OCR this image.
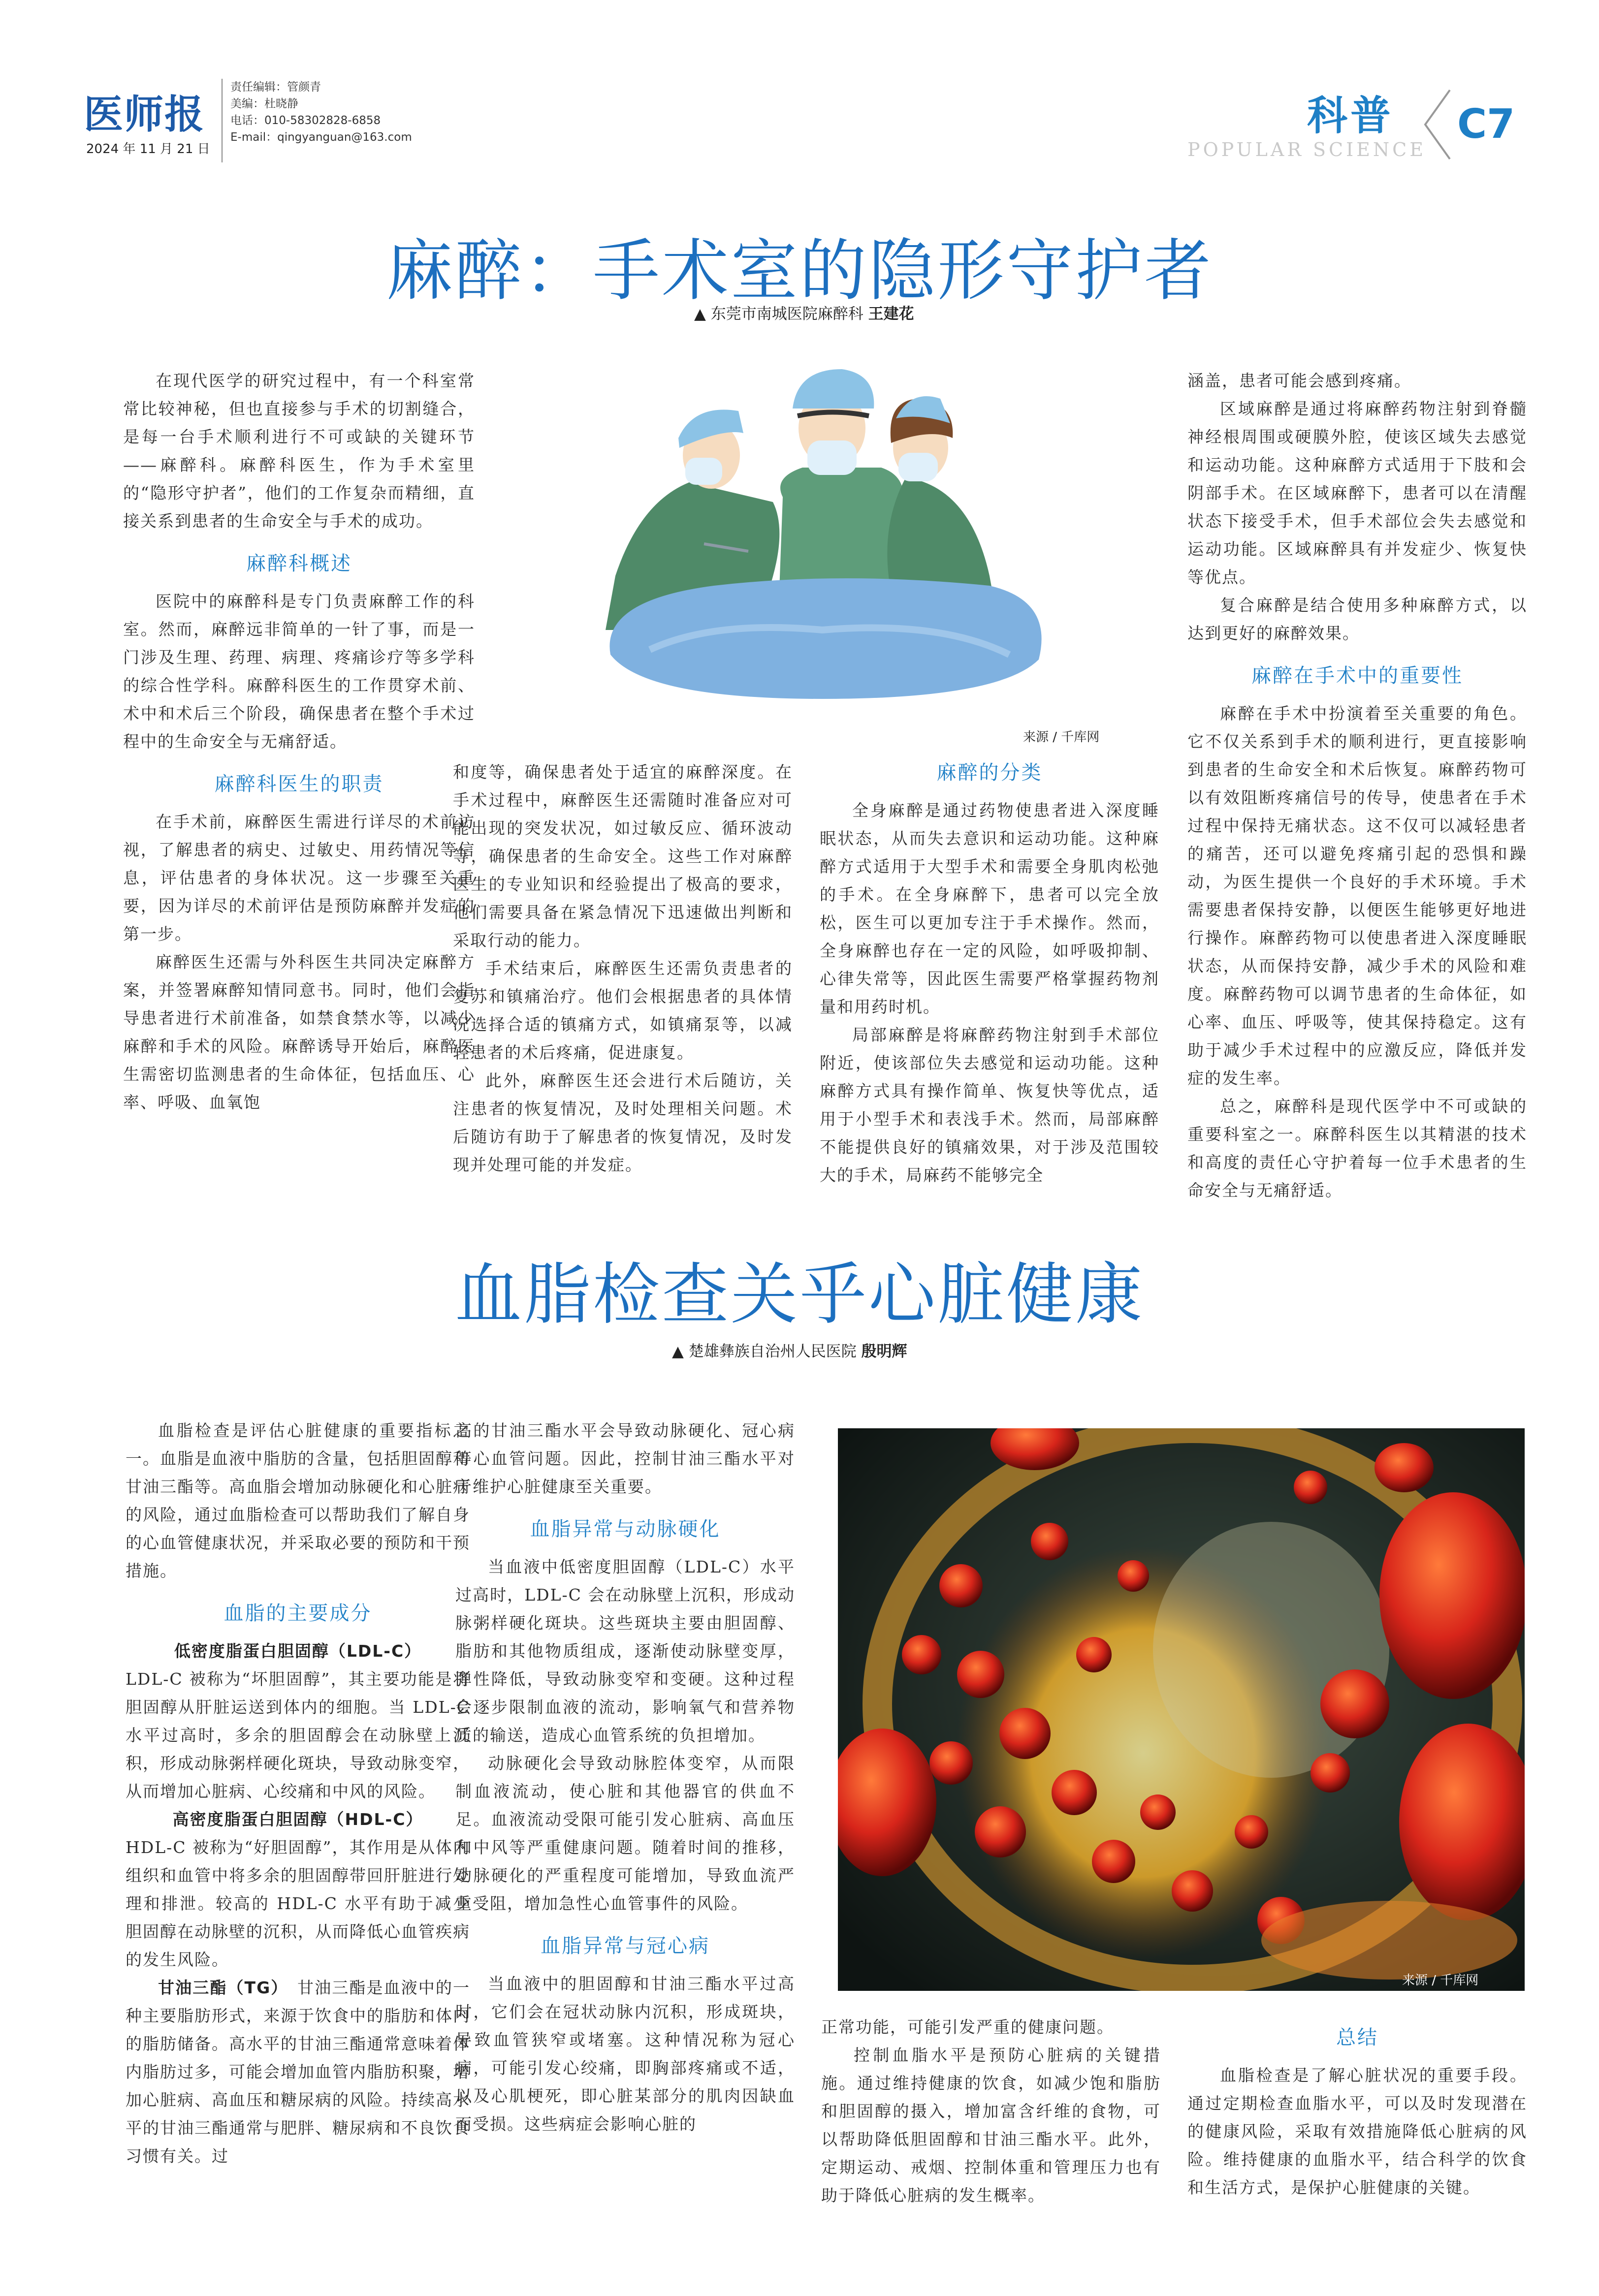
医师报
2024 年 11 月 21 日
责任编辑：管颜青
美编：杜晓静
电话：010-58302828-6858
E-mail：qingyanguan@163.com	科普
POPULAR SCIENCE
C7
麻醉：手术室的隐形守护者
▲ 东莞市南城医院麻醉科 王建花
来源 / 千库网

在现代医学的研究过程中，有一个科室常常比较神秘，但也直接参与手术的切割缝合，是每一台手术顺利进行不可或缺的关键环节——麻醉科。麻醉科医生，作为手术室里的“隐形守护者”，他们的工作复杂而精细，直接关系到患者的生命安全与手术的成功。

麻醉科概述

医院中的麻醉科是专门负责麻醉工作的科室。然而，麻醉远非简单的一针了事，而是一门涉及生理、药理、病理、疼痛诊疗等多学科的综合性学科。麻醉科医生的工作贯穿术前、术中和术后三个阶段，确保患者在整个手术过程中的生命安全与无痛舒适。

麻醉科医生的职责

在手术前，麻醉医生需进行详尽的术前访视，了解患者的病史、过敏史、用药情况等信息，评估患者的身体状况。这一步骤至关重要，因为详尽的术前评估是预防麻醉并发症的第一步。

麻醉医生还需与外科医生共同决定麻醉方案，并签署麻醉知情同意书。同时，他们会指导患者进行术前准备，如禁食禁水等，以减少麻醉和手术的风险。麻醉诱导开始后，麻醉医生需密切监测患者的生命体征，包括血压、心率、呼吸、血氧饱

和度等，确保患者处于适宜的麻醉深度。在手术过程中，麻醉医生还需随时准备应对可能出现的突发状况，如过敏反应、循环波动等，确保患者的生命安全。这些工作对麻醉医生的专业知识和经验提出了极高的要求，他们需要具备在紧急情况下迅速做出判断和采取行动的能力。

手术结束后，麻醉医生还需负责患者的复苏和镇痛治疗。他们会根据患者的具体情况选择合适的镇痛方式，如镇痛泵等，以减轻患者的术后疼痛，促进康复。

此外，麻醉医生还会进行术后随访，关注患者的恢复情况，及时处理相关问题。术后随访有助于了解患者的恢复情况，及时发现并处理可能的并发症。

麻醉的分类

全身麻醉是通过药物使患者进入深度睡眠状态，从而失去意识和运动功能。这种麻醉方式适用于大型手术和需要全身肌肉松弛的手术。在全身麻醉下，患者可以完全放松，医生可以更加专注于手术操作。然而，全身麻醉也存在一定的风险，如呼吸抑制、心律失常等，因此医生需要严格掌握药物剂量和用药时机。

局部麻醉是将麻醉药物注射到手术部位附近，使该部位失去感觉和运动功能。这种麻醉方式具有操作简单、恢复快等优点，适用于小型手术和表浅手术。然而，局部麻醉不能提供良好的镇痛效果，对于涉及范围较大的手术，局麻药不能够完全

涵盖，患者可能会感到疼痛。

区域麻醉是通过将麻醉药物注射到脊髓神经根周围或硬膜外腔，使该区域失去感觉和运动功能。这种麻醉方式适用于下肢和会阴部手术。在区域麻醉下，患者可以在清醒状态下接受手术，但手术部位会失去感觉和运动功能。区域麻醉具有并发症少、恢复快等优点。

复合麻醉是结合使用多种麻醉方式，以达到更好的麻醉效果。

麻醉在手术中的重要性

麻醉在手术中扮演着至关重要的角色。它不仅关系到手术的顺利进行，更直接影响到患者的生命安全和术后恢复。麻醉药物可以有效阻断疼痛信号的传导，使患者在手术过程中保持无痛状态。这不仅可以减轻患者的痛苦，还可以避免疼痛引起的恐惧和躁动，为医生提供一个良好的手术环境。手术需要患者保持安静，以便医生能够更好地进行操作。麻醉药物可以使患者进入深度睡眠状态，从而保持安静，减少手术的风险和难度。麻醉药物可以调节患者的生命体征，如心率、血压、呼吸等，使其保持稳定。这有助于减少手术过程中的应激反应，降低并发症的发生率。

总之，麻醉科是现代医学中不可或缺的重要科室之一。麻醉科医生以其精湛的技术和高度的责任心守护着每一位手术患者的生命安全与无痛舒适。

血脂检查关乎心脏健康
▲ 楚雄彝族自治州人民医院 殷明辉
来源 / 千库网

血脂检查是评估心脏健康的重要指标之一。血脂是血液中脂肪的含量，包括胆固醇和甘油三酯等。高血脂会增加动脉硬化和心脏病的风险，通过血脂检查可以帮助我们了解自身的心血管健康状况，并采取必要的预防和干预措施。

血脂的主要成分

低密度脂蛋白胆固醇（LDL-C）

LDL-C 被称为“坏胆固醇”，其主要功能是将胆固醇从肝脏运送到体内的细胞。当 LDL-C 水平过高时，多余的胆固醇会在动脉壁上沉积，形成动脉粥样硬化斑块，导致动脉变窄，从而增加心脏病、心绞痛和中风的风险。

高密度脂蛋白胆固醇（HDL-C）

HDL-C 被称为“好胆固醇”，其作用是从体内组织和血管中将多余的胆固醇带回肝脏进行处理和排泄。较高的 HDL-C 水平有助于减少胆固醇在动脉壁的沉积，从而降低心血管疾病的发生风险。

甘油三酯（TG）　 甘油三酯是血液中的一种主要脂肪形式，来源于饮食中的脂肪和体内的脂肪储备。高水平的甘油三酯通常意味着体内脂肪过多，可能会增加血管内脂肪积聚，增加心脏病、高血压和糖尿病的风险。持续高水平的甘油三酯通常与肥胖、糖尿病和不良饮食习惯有关。过

高的甘油三酯水平会导致动脉硬化、冠心病等心血管问题。因此，控制甘油三酯水平对于维护心脏健康至关重要。

血脂异常与动脉硬化

当血液中低密度胆固醇（LDL-C）水平过高时，LDL-C 会在动脉壁上沉积，形成动脉粥样硬化斑块。这些斑块主要由胆固醇、脂肪和其他物质组成，逐渐使动脉壁变厚，弹性降低，导致动脉变窄和变硬。这种过程会逐步限制血液的流动，影响氧气和营养物质的输送，造成心血管系统的负担增加。

动脉硬化会导致动脉腔体变窄，从而限制血液流动，使心脏和其他器官的供血不足。血液流动受限可能引发心脏病、高血压和中风等严重健康问题。随着时间的推移，动脉硬化的严重程度可能增加，导致血流严重受阻，增加急性心血管事件的风险。

血脂异常与冠心病

当血液中的胆固醇和甘油三酯水平过高时，它们会在冠状动脉内沉积，形成斑块，导致血管狭窄或堵塞。这种情况称为冠心病，可能引发心绞痛，即胸部疼痛或不适，以及心肌梗死，即心脏某部分的肌肉因缺血而受损。这些病症会影响心脏的

正常功能，可能引发严重的健康问题。

控制血脂水平是预防心脏病的关键措施。通过维持健康的饮食，如减少饱和脂肪和胆固醇的摄入，增加富含纤维的食物，可以帮助降低胆固醇和甘油三酯水平。此外，定期运动、戒烟、控制体重和管理压力也有助于降低心脏病的发生概率。

总结

血脂检查是了解心脏状况的重要手段。通过定期检查血脂水平，可以及时发现潜在的健康风险，采取有效措施降低心脏病的风险。维持健康的血脂水平，结合科学的饮食和生活方式，是保护心脏健康的关键。
